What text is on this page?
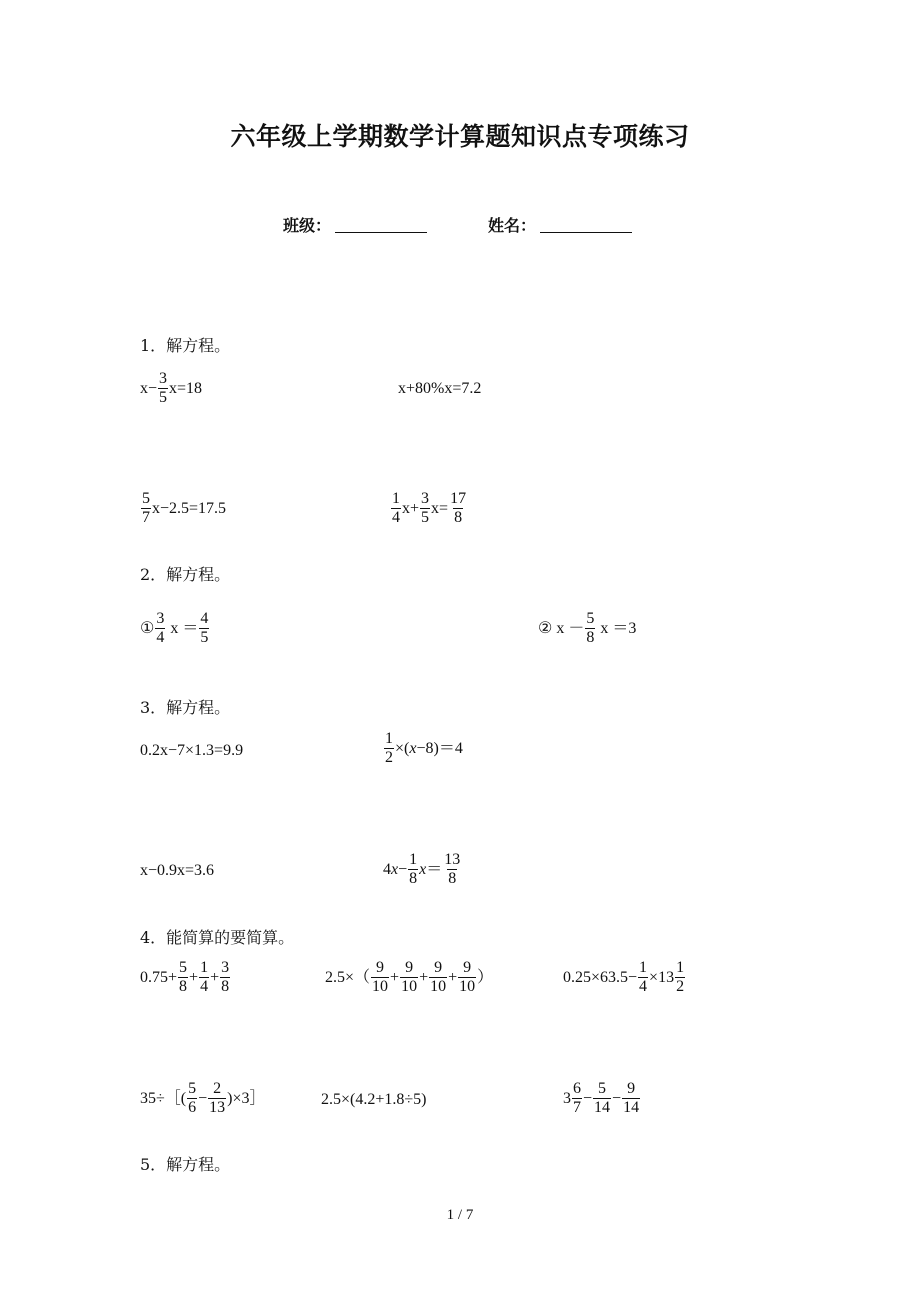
六年级上学期数学计算题知识点专项练习
班级：	姓名：
1．解方程。
$x- \frac{3}{5} x=18$	x+80%x=7.2
$\frac{5}{7} x-2.5=17.5$	$\frac{1}{4} x+ \frac{3}{5} x= \frac{17}{8}$
2．解方程。
① $\frac{3}{4}$ $x = \frac{4}{5}$	② $x - \frac{5}{8}$ x ＝3
3．解方程。
0.2x−7×1.3=9.9	$\frac{1}{2}$ ×( x −8)＝4
x−0.9x=3.6	4 $x - \frac{1}{8}$ $x = \frac{13}{8}$
4．能简算的要简算。
$0.75+ \frac{5}{8} + \frac{1}{4} + \frac{3}{8}$	$2.5\times( \frac{9}{10} + \frac{9}{10} + \frac{9}{10} + \frac{9}{10}$ ）	$0.25\times 63.5- \frac{1}{4} \times 13 \frac{1}{2}$
35÷［( $\frac{5}{6} - \frac{2}{13}$ )×3］	2.5×(4.2+1.8÷5)	$3 \frac{6}{7} - \frac{5}{14} - \frac{9}{14}$
5．解方程。
1 / 7
